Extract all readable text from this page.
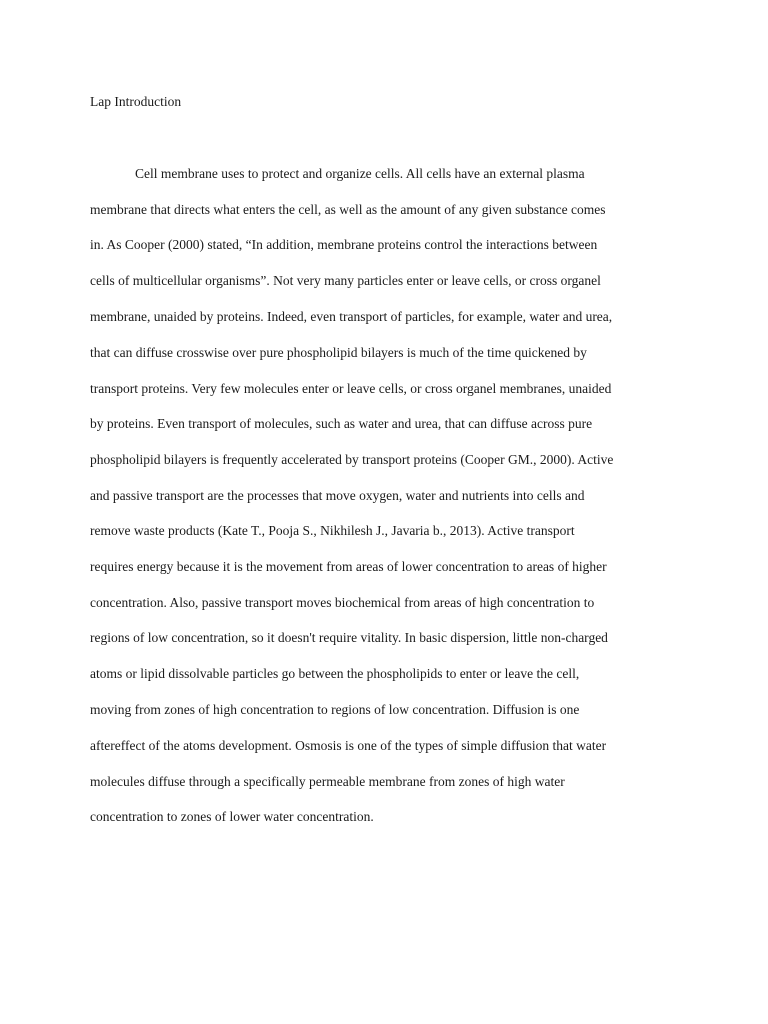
Lap Introduction
Cell membrane uses to protect and organize cells. All cells have an external plasma
membrane that directs what enters the cell, as well as the amount of any given substance comes
in. As Cooper (2000) stated, “In addition, membrane proteins control the interactions between
cells of multicellular organisms”. Not very many particles enter or leave cells, or cross organel
membrane, unaided by proteins. Indeed, even transport of particles, for example, water and urea,
that can diffuse crosswise over pure phospholipid bilayers is much of the time quickened by
transport proteins. Very few molecules enter or leave cells, or cross organel membranes, unaided
by proteins. Even transport of molecules, such as water and urea, that can diffuse across pure
phospholipid bilayers is frequently accelerated by transport proteins (Cooper GM., 2000). Active
and passive transport are the processes that move oxygen, water and nutrients into cells and
remove waste products (Kate T., Pooja S., Nikhilesh J., Javaria b., 2013). Active transport
requires energy because it is the movement from areas of lower concentration to areas of higher
concentration. Also, passive transport moves biochemical from areas of high concentration to
regions of low concentration, so it doesn't require vitality. In basic dispersion, little non-charged
atoms or lipid dissolvable particles go between the phospholipids to enter or leave the cell,
moving from zones of high concentration to regions of low concentration. Diffusion is one
aftereffect of the atoms development. Osmosis is one of the types of simple diffusion that water
molecules diffuse through a specifically permeable membrane from zones of high water
concentration to zones of lower water concentration.
